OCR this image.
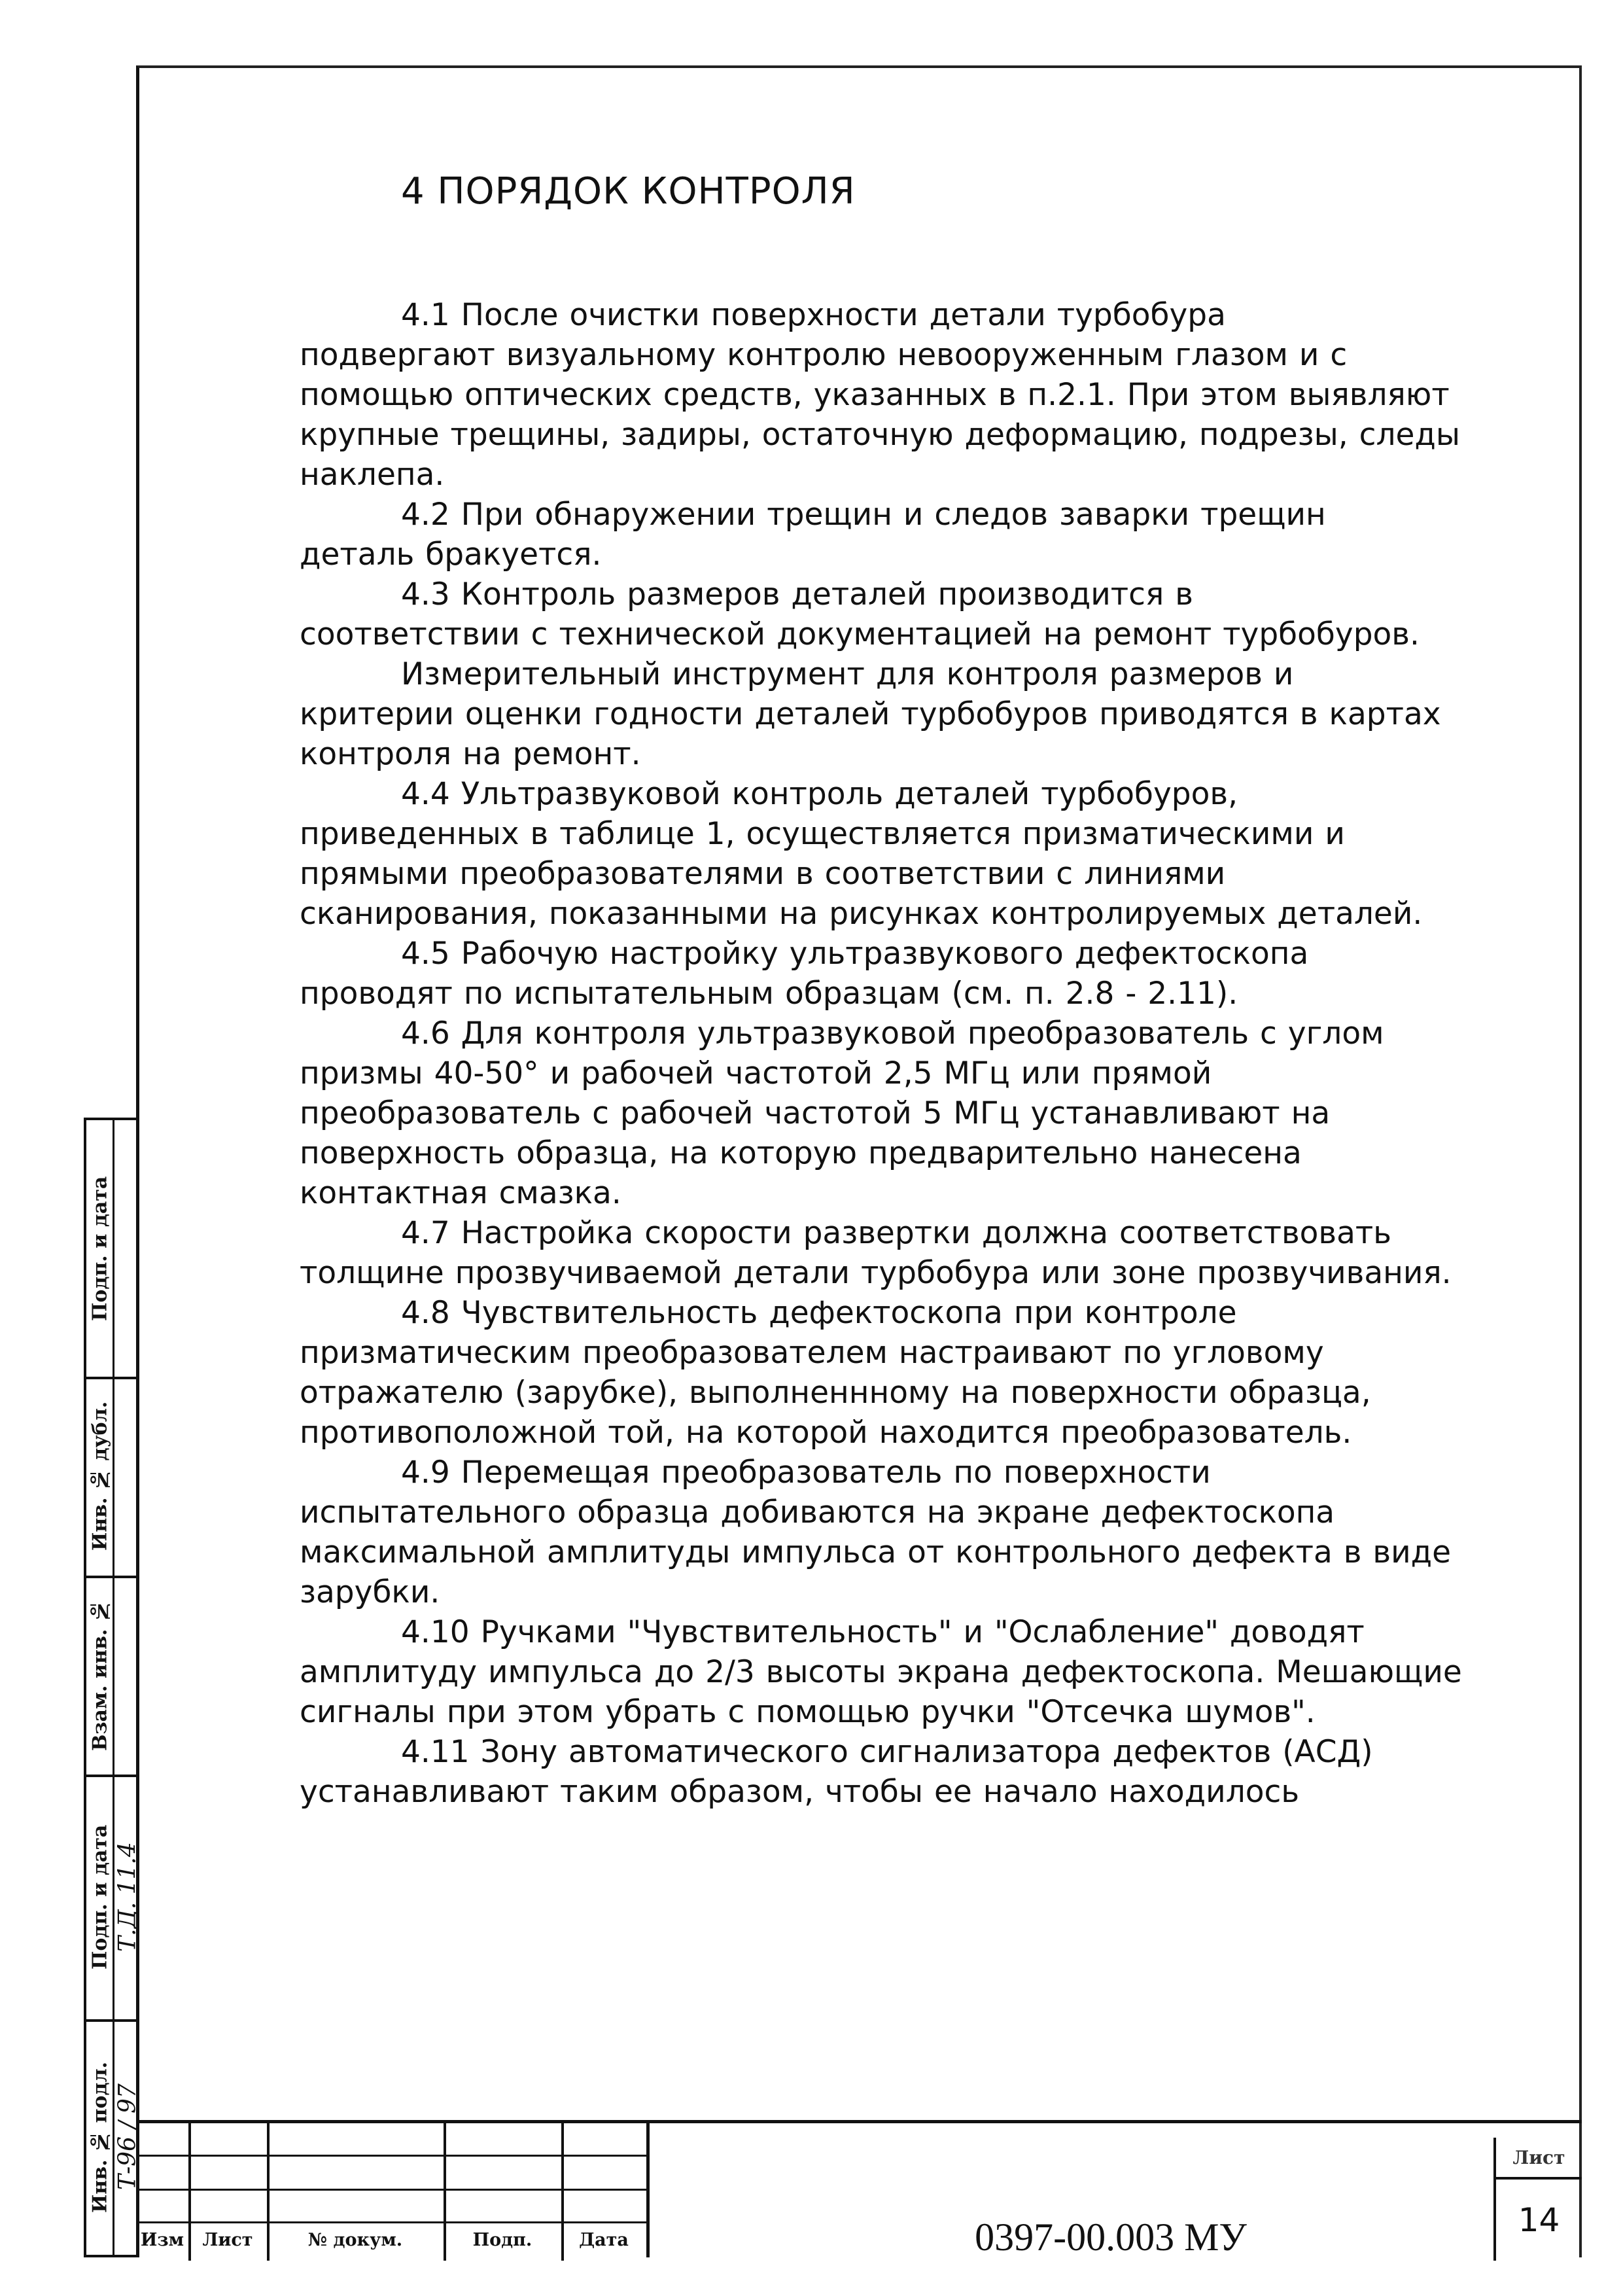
4 ПОРЯДОК КОНТРОЛЯ

4.1 После очистки поверхности детали турбобура
подвергают визуальному контролю невооруженным глазом и с помощью оптических средств, указанных в п.2.1. При этом выявляют крупные трещины, задиры, остаточную деформацию, подрезы, следы наклепа.

4.2 При обнаружении трещин и следов заварки трещин
деталь бракуется.

4.3 Контроль размеров деталей производится в
соответствии с технической документацией на ремонт турбобуров.

Измерительный инструмент для контроля размеров и
критерии оценки годности деталей турбобуров приводятся в картах контроля на ремонт.

4.4 Ультразвуковой контроль деталей турбобуров,
приведенных в таблице 1, осуществляется призматическими и прямыми преобразователями в соответствии с линиями сканирования, показанными на рисунках контролируемых деталей.

4.5 Рабочую настройку ультразвукового дефектоскопа
проводят по испытательным образцам (см. п. 2.8 - 2.11).

4.6 Для контроля ультразвуковой преобразователь с углом
призмы 40-50° и рабочей частотой 2,5 МГц или прямой преобразователь с рабочей частотой 5 МГц устанавливают на поверхность образца, на которую предварительно нанесена контактная смазка.

4.7 Настройка скорости развертки должна соответствовать
толщине прозвучиваемой детали турбобура или зоне прозвучивания.

4.8 Чувствительность дефектоскопа при контроле
призматическим преобразователем настраивают по угловому отражателю (зарубке), выполненнному на поверхности образца, противоположной той, на которой находится преобразователь.

4.9 Перемещая преобразователь по поверхности
испытательного образца добиваются на экране дефектоскопа максимальной амплитуды импульса от контрольного дефекта в виде зарубки.

4.10 Ручками "Чувствительность" и "Ослабление" доводят
амплитуду импульса до 2/3 высоты экрана дефектоскопа. Мешающие сигналы при этом убрать с помощью ручки "Отсечка шумов".

4.11 Зону автоматического сигнализатора дефектов (АСД)
устанавливают таким образом, чтобы ее начало находилось

Подп. и дата
Инв. № дубл.
Взам. инв. №
Подп. и дата
Инв. № подл.
Т.Д. 11.4
Т-96 / 97
Изм	Лист	№ докум.	Подп.	Дата	0397-00.003 МУ
Лист
14
